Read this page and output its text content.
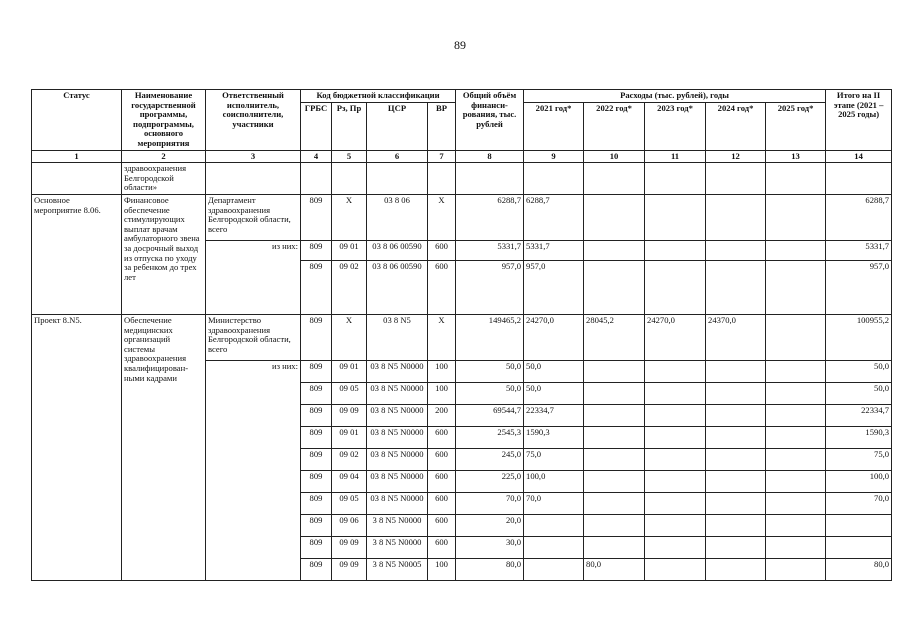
89
Статус	Наименование государственной программы, подпрограммы, основного мероприятия	Ответственный исполнитель, соисполнители, участники	Код бюджетной классификации				Общий объём финанси-рования, тыс. рублей	Расходы (тыс. рублей), годы					Итого на II этапе (2021 – 2025 годы)
			ГРБС	Рз, Пр	ЦСР	ВР		2021 год*	2022 год*	2023 год*	2024 год*	2025 год*	
1	2	3	4	5	6	7	8	9	10	11	12	13	14
	здравоохранения Белгородской области»												
Основное мероприятие 8.06.	Финансовое обеспечение стимулирующих выплат врачам амбулаторного звена за досрочный выход из отпуска по уходу за ребенком до трех лет	Департамент здравоохранения Белгородской области, всего	809	Х	03 8 06	Х	6288,7	6288,7					6288,7
		из них:	809	09 01	03 8 06 00590	600	5331,7	5331,7					5331,7
			809	09 02	03 8 06 00590	600	957,0	957,0					957,0
Проект 8.N5.	Обеспечение медицинских организаций системы здравоохранения квалифицирован-ными кадрами	Министерство здравоохранения Белгородской области, всего	809	Х	03 8 N5	Х	149465,2	24270,0	28045,2	24270,0	24370,0		100955,2
		из них:	809	09 01	03 8 N5 N0000	100	50,0	50,0					50,0
			809	09 05	03 8 N5 N0000	100	50,0	50,0					50,0
			809	09 09	03 8 N5 N0000	200	69544,7	22334,7					22334,7
			809	09 01	03 8 N5 N0000	600	2545,3	1590,3					1590,3
			809	09 02	03 8 N5 N0000	600	245,0	75,0					75,0
			809	09 04	03 8 N5 N0000	600	225,0	100,0					100,0
			809	09 05	03 8 N5 N0000	600	70,0	70,0					70,0
			809	09 06	3 8 N5 N0000	600	20,0						
			809	09 09	3 8 N5 N0000	600	30,0						
			809	09 09	3 8 N5 N0005	100	80,0		80,0				80,0
